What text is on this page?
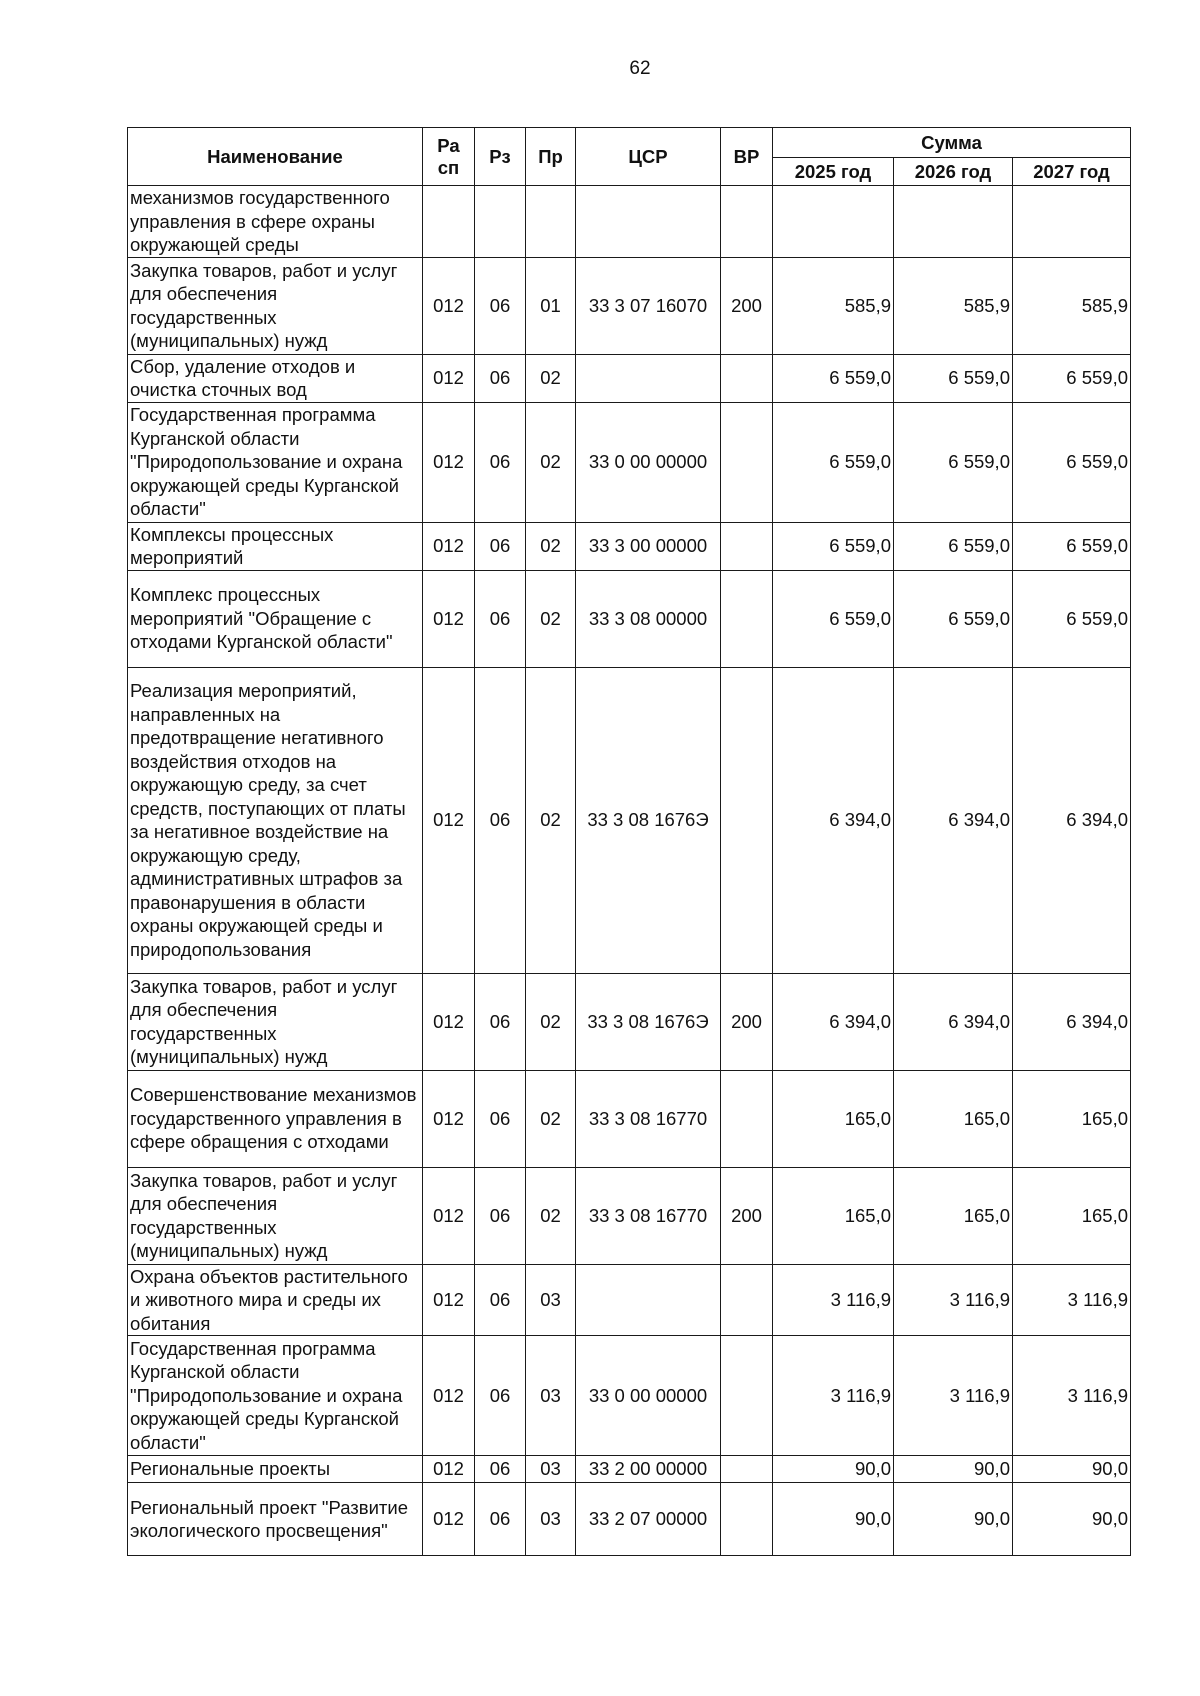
62
Наименование	Ра сп	Рз	Пр	ЦСР	ВР	Сумма		
						2025 год	2026 год	2027 год
механизмов государственного управления в сфере охраны окружающей среды								
Закупка товаров, работ и услуг для обеспечения государственных (муниципальных) нужд	012	06	01	33 3 07 16070	200	585,9	585,9	585,9
Сбор, удаление отходов и очистка сточных вод	012	06	02			6 559,0	6 559,0	6 559,0
Государственная программа Курганской области "Природопользование и охрана окружающей среды Курганской области"	012	06	02	33 0 00 00000		6 559,0	6 559,0	6 559,0
Комплексы процессных мероприятий	012	06	02	33 3 00 00000		6 559,0	6 559,0	6 559,0
Комплекс процессных мероприятий "Обращение с отходами Курганской области"	012	06	02	33 3 08 00000		6 559,0	6 559,0	6 559,0
Реализация мероприятий, направленных на предотвращение негативного воздействия отходов на окружающую среду, за счет средств, поступающих от платы за негативное воздействие на окружающую среду, административных штрафов за правонарушения в области охраны окружающей среды и природопользования	012	06	02	33 3 08 1676Э		6 394,0	6 394,0	6 394,0
Закупка товаров, работ и услуг для обеспечения государственных (муниципальных) нужд	012	06	02	33 3 08 1676Э	200	6 394,0	6 394,0	6 394,0
Совершенствование механизмов государственного управления в сфере обращения с отходами	012	06	02	33 3 08 16770		165,0	165,0	165,0
Закупка товаров, работ и услуг для обеспечения государственных (муниципальных) нужд	012	06	02	33 3 08 16770	200	165,0	165,0	165,0
Охрана объектов растительного и животного мира и среды их обитания	012	06	03			3 116,9	3 116,9	3 116,9
Государственная программа Курганской области "Природопользование и охрана окружающей среды Курганской области"	012	06	03	33 0 00 00000		3 116,9	3 116,9	3 116,9
Региональные проекты	012	06	03	33 2 00 00000		90,0	90,0	90,0
Региональный проект "Развитие экологического просвещения"	012	06	03	33 2 07 00000		90,0	90,0	90,0
